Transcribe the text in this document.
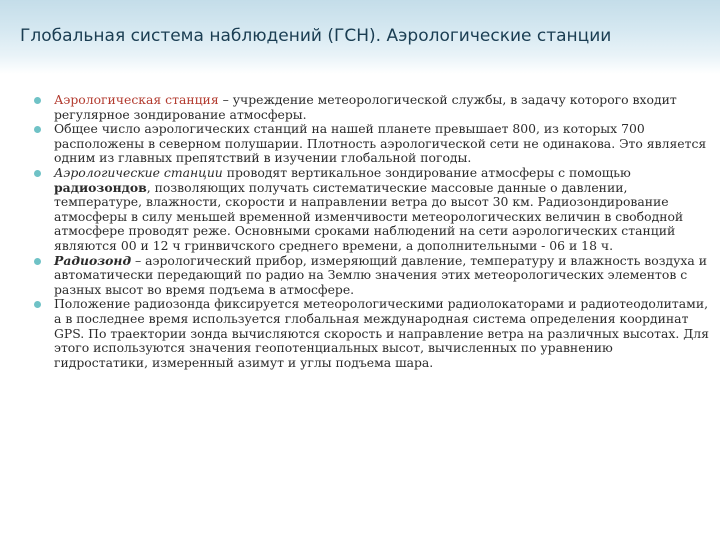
Глобальная система наблюдений (ГСН). Аэрологические станции
Аэрологическая станция – учреждение метеорологической службы, в задачу которого входит регулярное зондирование атмосферы.
Общее число аэрологических станций на нашей планете превышает 800, из которых 700 расположены в северном полушарии. Плотность аэрологической сети не одинакова. Это является одним из главных препятствий в изучении глобальной погоды.
Аэрологические станции проводят вертикальное зондирование атмосферы с помощью радиозондов, позволяющих получать систематические массовые данные о давлении, температуре, влажности, скорости и направлении ветра до высот 30 км. Радиозондирование атмосферы в силу меньшей временной изменчивости метеорологических величин в свободной атмосфере проводят реже. Основными сроками наблюдений на сети аэрологических станций являются 00 и 12 ч гринвичского среднего времени, а дополнительными - 06 и 18 ч.
Радиозонд – аэрологический прибор, измеряющий давление, температуру и влажность воздуха и автоматически передающий по радио на Землю значения этих метеорологических элементов с разных высот во время подъема в атмосфере.
Положение радиозонда фиксируется метеорологическими радиолокаторами и радиотеодолитами, а в последнее время используется глобальная международная система определения координат GPS. По траектории зонда вычисляются скорость и направление ветра на различных высотах. Для этого используются значения геопотенциальных высот, вычисленных по уравнению гидростатики, измеренный азимут и углы подъема шара.
